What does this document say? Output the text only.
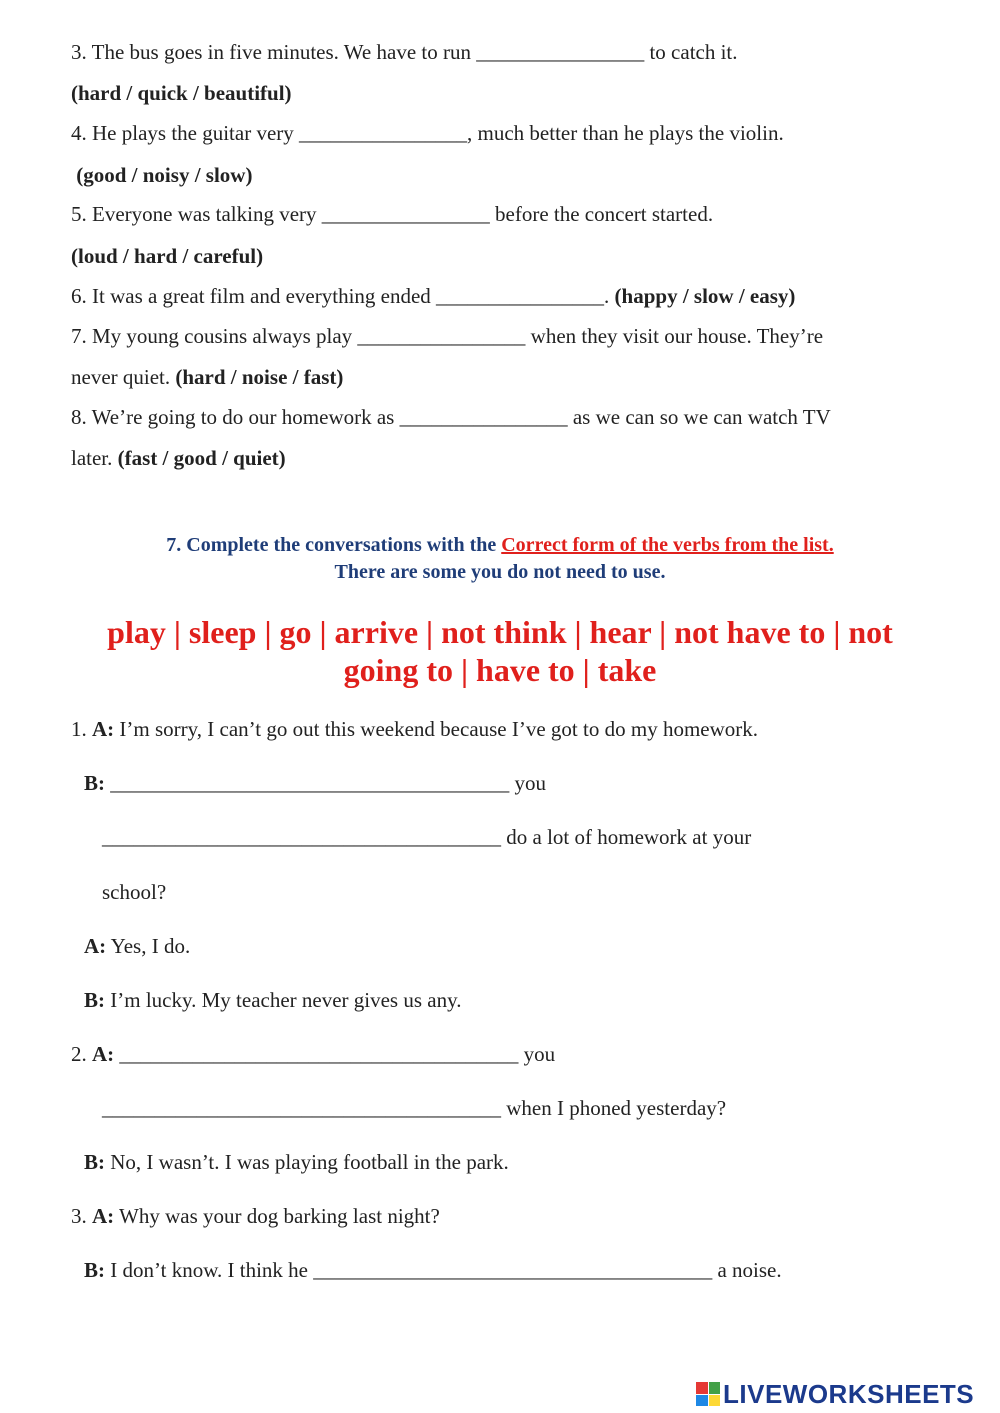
3. The bus goes in five minutes. We have to run ________________ to catch it.
(hard / quick / beautiful)
4. He plays the guitar very ________________, much better than he plays the violin.
(good / noisy / slow)
5. Everyone was talking very ________________ before the concert started.
(loud / hard / careful)
6. It was a great film and everything ended ________________. (happy / slow / easy)
7. My young cousins always play ________________ when they visit our house. They’re
never quiet. (hard / noise / fast)
8. We’re going to do our homework as ________________ as we can so we can watch TV
later. (fast / good / quiet)
7. Complete the conversations with the Correct form of the verbs from the list.
There are some you do not need to use.
play | sleep | go | arrive | not think | hear | not have to | not
going to | have to | take
1. A: I’m sorry, I can’t go out this weekend because I’ve got to do my homework.
B: ______________________________________ you
______________________________________ do a lot of homework at your
school?
A: Yes, I do.
B: I’m lucky. My teacher never gives us any.
2. A: ______________________________________ you
______________________________________ when I phoned yesterday?
B: No, I wasn’t. I was playing football in the park.
3. A: Why was your dog barking last night?
B: I don’t know. I think he ______________________________________ a noise.
LIVEWORKSHEETS
